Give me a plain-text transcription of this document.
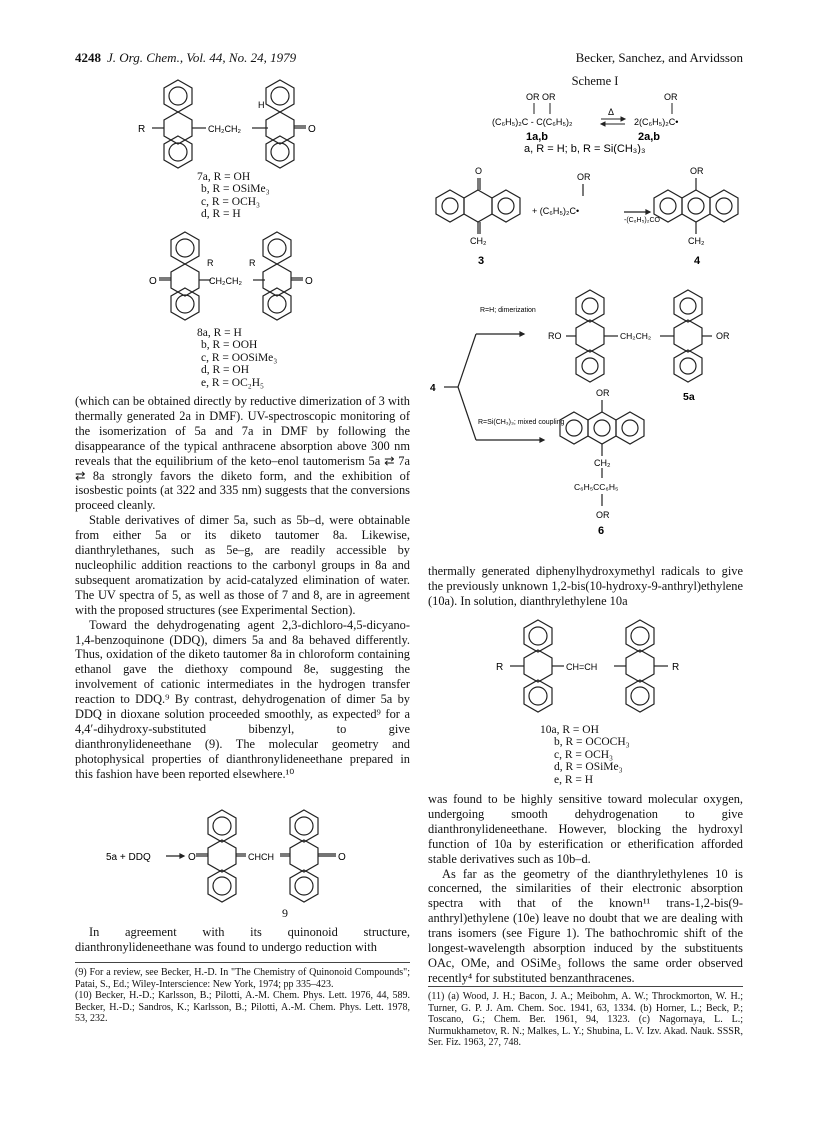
4248 J. Org. Chem., Vol. 44, No. 24, 1979	Becker, Sanchez, and Arvidsson
R	CH₂CH₂
H
O
7a, R = OH
b, R = OSiMe₃
c, R = OCH₃
d, R = H
O
R	R
CH₂CH₂	O
8a, R = H
b, R = OOH
c, R = OOSiMe₃
d, R = OH
e, R = OC₂H₅

(which can be obtained directly by reductive dimerization of 3 with thermally generated 2a in DMF). UV-spectroscopic monitoring of the isomerization of 5a and 7a in DMF by following the disappearance of the typical anthracene absorption above 300 nm reveals that the equilibrium of the keto–enol tautomerism 5a ⇄ 7a ⇄ 8a strongly favors the diketo form, and the exhibition of isosbestic points (at 322 and 335 nm) suggests that the conversions proceed cleanly.

Stable derivatives of dimer 5a, such as 5b–d, were obtainable from either 5a or its diketo tautomer 8a. Likewise, dianthrylethanes, such as 5e–g, are readily accessible by nucleophilic addition reactions to the carbonyl groups in 8a and subsequent aromatization by acid-catalyzed elimination of water. The UV spectra of 5, as well as those of 7 and 8, are in agreement with the proposed structures (see Experimental Section).

Toward the dehydrogenating agent 2,3-dichloro-4,5-dicyano-1,4-benzoquinone (DDQ), dimers 5a and 8a behaved differently. Thus, oxidation of the diketo tautomer 8a in chloroform containing ethanol gave the diethoxy compound 8e, suggesting the involvement of cationic intermediates in the hydrogen transfer reaction to DDQ.⁹ By contrast, dehydrogenation of dimer 5a by DDQ in dioxane solution proceeded smoothly, as expected⁹ for a 4,4′-dihydroxy-substituted bibenzyl, to give dianthronylideneethane (9). The molecular geometry and photophysical properties of dianthronylideneethane prepared in this fashion have been reported elsewhere.¹⁰

5a + DDQ	O	CHCH	O
9

In agreement with its quinonoid structure, dianthronylideneethane was found to undergo reduction with

(9) For a review, see Becker, H.-D. In "The Chemistry of Quinonoid Compounds"; Patai, S., Ed.; Wiley-Interscience: New York, 1974; pp 335–423.

(10) Becker, H.-D.; Karlsson, B.; Pilotti, A.-M. Chem. Phys. Lett. 1976, 44, 589. Becker, H.-D.; Sandros, K.; Karlsson, B.; Pilotti, A.-M. Chem. Phys. Lett. 1978, 53, 232.

Scheme I
OR OR	OR
Δ
(C₆H₅)₂C - C(C₆H₅)₂	2(C₆H₅)₂C•
1a,b	2a,b
a, R = H; b, R = Si(CH₃)₃
O
CH₂
3
OR
+ (C₆H₅)₂C•
-(C₆H₅)₂CO
OR
CH₂
4
4
R=H; dimerization
R=Si(CH₃)₃; mixed coupling
RO	CH₂CH₂	OR
5a
OR
CH₂
C₆H₅CC₆H₅
OR
6

thermally generated diphenylhydroxymethyl radicals to give the previously unknown 1,2-bis(10-hydroxy-9-anthryl)ethylene (10a). In solution, dianthrylethylene 10a

R	CH=CH	R
10a, R = OH
b, R = OCOCH₃
c, R = OCH₃
d, R = OSiMe₃
e, R = H

was found to be highly sensitive toward molecular oxygen, undergoing smooth dehydrogenation to give dianthronylideneethane. However, blocking the hydroxyl function of 10a by esterification or etherification afforded stable derivatives such as 10b–d.

As far as the geometry of the dianthrylethylenes 10 is concerned, the similarities of their electronic absorption spectra with that of the known¹¹ trans-1,2-bis(9-anthryl)ethylene (10e) leave no doubt that we are dealing with trans isomers (see Figure 1). The bathochromic shift of the longest-wavelength absorption induced by the substituents OAc, OMe, and OSiMe₃ follows the same order observed recently⁴ for substituted benzanthracenes.

(11) (a) Wood, J. H.; Bacon, J. A.; Meibohm, A. W.; Throckmorton, W. H.; Turner, G. P. J. Am. Chem. Soc. 1941, 63, 1334. (b) Horner, L.; Beck, P.; Toscano, G.; Chem. Ber. 1961, 94, 1323. (c) Nagornaya, L. L.; Nurmukhametov, R. N.; Malkes, L. Y.; Shubina, L. V. Izv. Akad. Nauk. SSSR, Ser. Fiz. 1963, 27, 748.
